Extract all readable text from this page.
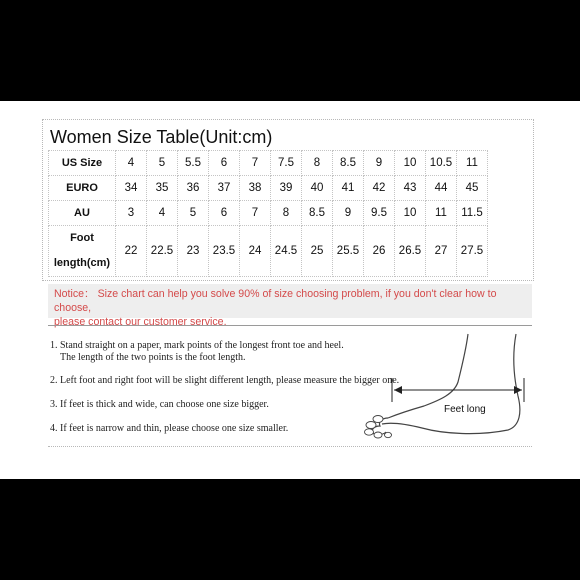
Women Size Table(Unit:cm)
US Size	4	5	5.5	6	7	7.5	8	8.5	9	10	10.5	11
EURO	34	35	36	37	38	39	40	41	42	43	44	45
AU	3	4	5	6	7	8	8.5	9	9.5	10	11	11.5

Foot
length(cm)	22	22.5	23	23.5	24	24.5	25	25.5	26	26.5	27	27.5
Notice： Size chart can help you solve 90% of size choosing problem, if you don't clear how to choose,
please contact our customer service.
1. Stand straight on a paper, mark points of the longest front toe and heel.
The length of the two points is the foot length.
2. Left foot and right foot will be slight different length, please measure the bigger one.
3. If feet is thick and wide, can choose one size bigger.
4. If feet is narrow and thin, please choose one size smaller.
Feet long
